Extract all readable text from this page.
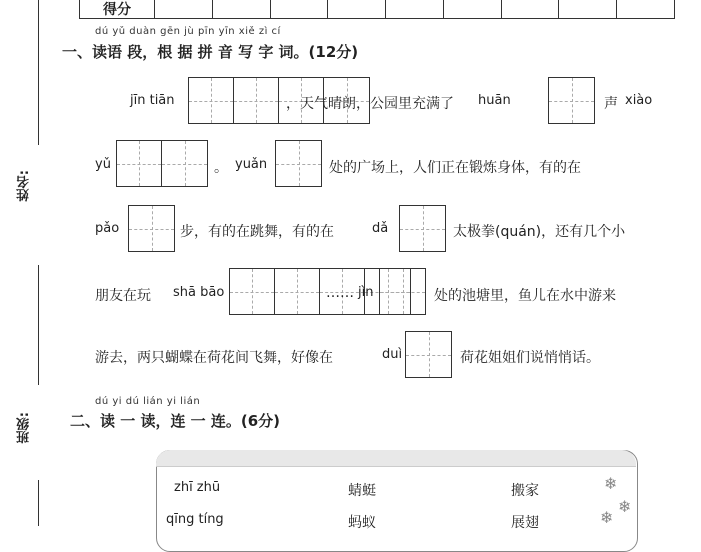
姓名:
班级:
得分
dú yǔ duàn gēn jù pīn yīn xiě zì cí
一、读语 段，根 据 拼 音 写 字 词。(12分)
jīn tiān	，天气晴朗，公园里充满了 huān	声 xiào
yǔ	。 yuǎn	处的广场上，人们正在锻炼身体，有的在
pǎo	步，有的在跳舞，有的在	dǎ	太极拳(quán)，还有几个小
朋友在玩 shā bāo	…… jìn	处的池塘里，鱼儿在水中游来
游去，两只蝴蝶在荷花间飞舞，好像在	duì	荷花姐姐们说悄悄话。
dú yi dú lián yi lián
二、读 一 读，连 一 连。(6分)
zhī zhū	蜻蜓	搬家
qīng tíng	蚂蚁	展翅
❄
❄
❄
